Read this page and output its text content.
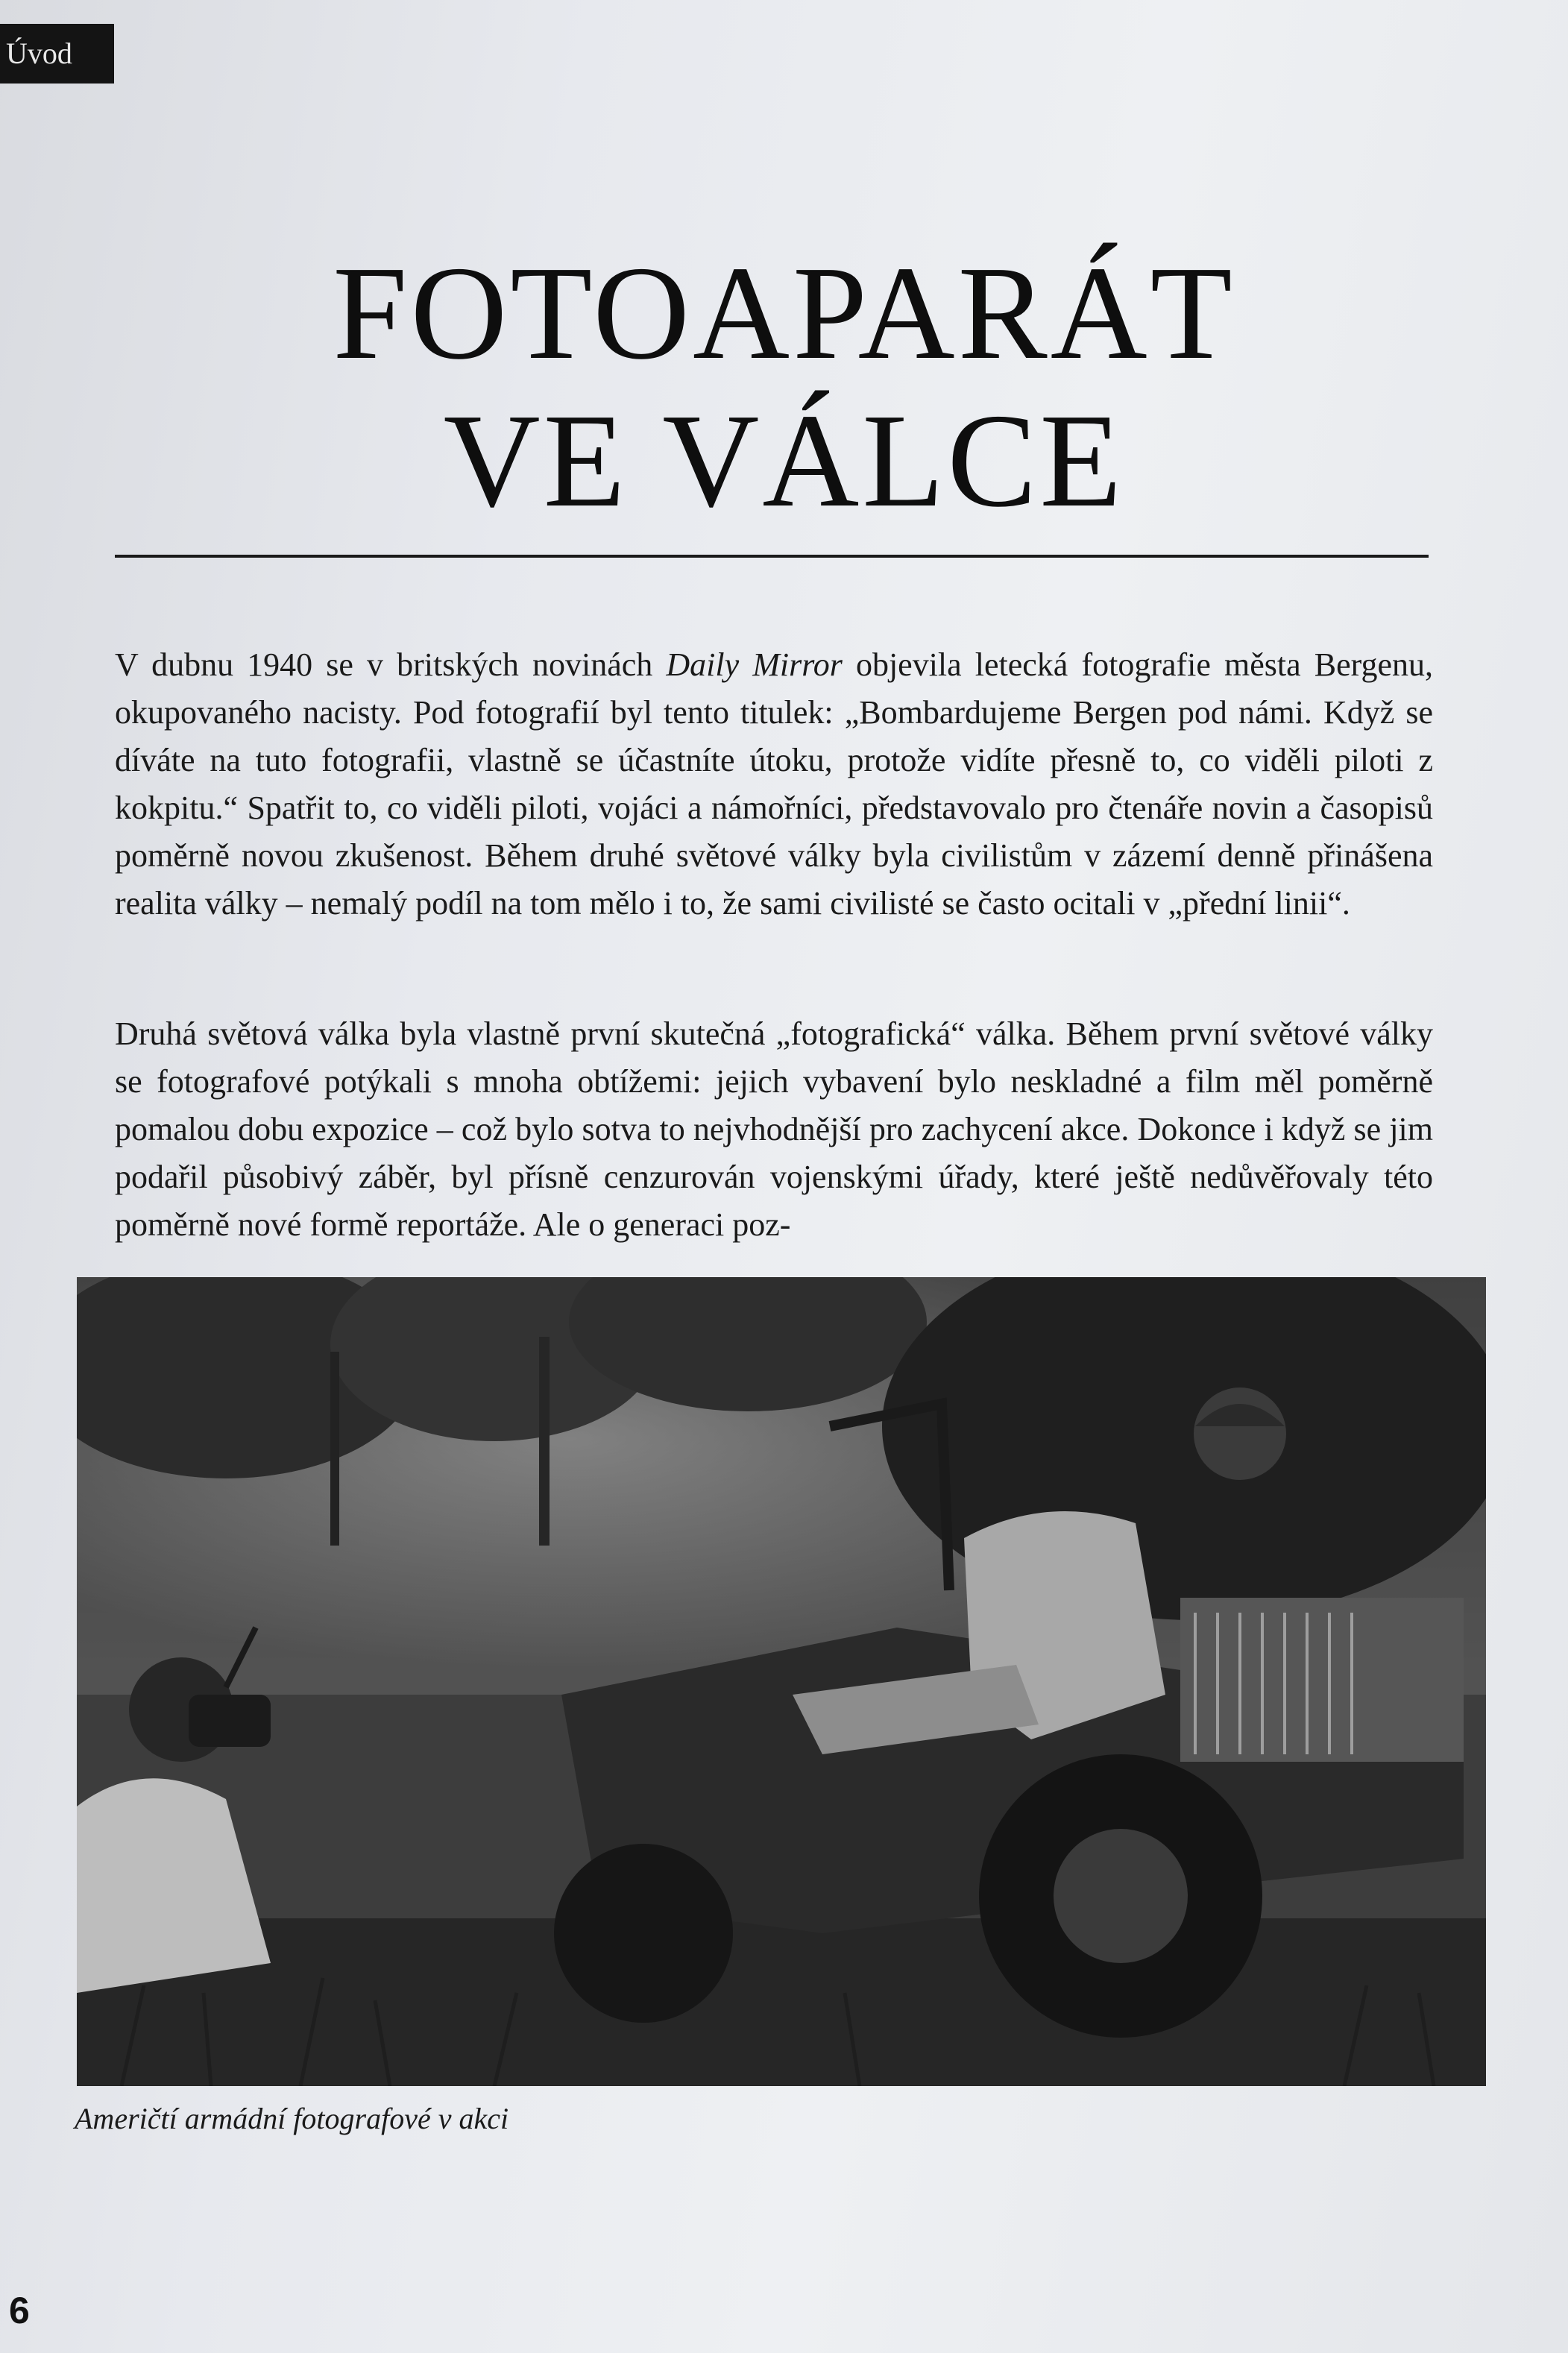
Úvod
FOTOAPARÁT
VE VÁLCE

V dubnu 1940 se v britských novinách Daily Mirror objevila letecká fotografie města Bergenu, okupovaného nacisty. Pod fotografií byl tento titulek: „Bombardujeme Bergen pod námi. Když se díváte na tuto fotografii, vlastně se účastníte útoku, protože vidíte přesně to, co viděli piloti z kokpitu.“ Spatřit to, co viděli piloti, vojáci a námořníci, představovalo pro čtenáře novin a časopisů poměrně novou zkušenost. Během druhé světové války byla civilistům v zázemí denně přinášena realita války – nemalý podíl na tom mělo i to, že sami civilisté se často ocitali v „přední linii“.

Druhá světová válka byla vlastně první skutečná „fotografická“ válka. Během první světové války se fotografové potýkali s mnoha obtížemi: jejich vybavení bylo neskladné a film měl poměrně pomalou dobu expozice – což bylo sotva to nejvhodnější pro zachycení akce. Dokonce i když se jim podařil působivý záběr, byl přísně cenzurován vojenskými úřady, které ještě nedůvěřovaly této poměrně nové formě reportáže. Ale o generaci poz-

Američtí armádní fotografové v akci
6
